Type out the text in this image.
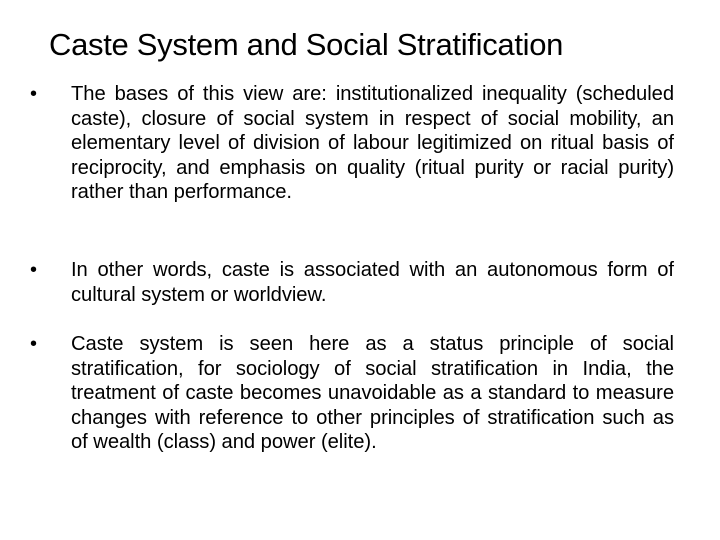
Caste System and Social Stratification
• The bases of this view are: institutionalized inequality (scheduled caste), closure of social system in respect of social mobility, an elementary level of division of labour legitimized on ritual basis of reciprocity, and emphasis on quality (ritual purity or racial purity) rather than performance.
• In other words, caste is associated with an autonomous form of cultural system or worldview.
• Caste system is seen here as a status principle of social stratification, for sociology of social stratification in India, the treatment of caste becomes unavoidable as a standard to measure changes with reference to other principles of stratification such as of wealth (class) and power (elite).
